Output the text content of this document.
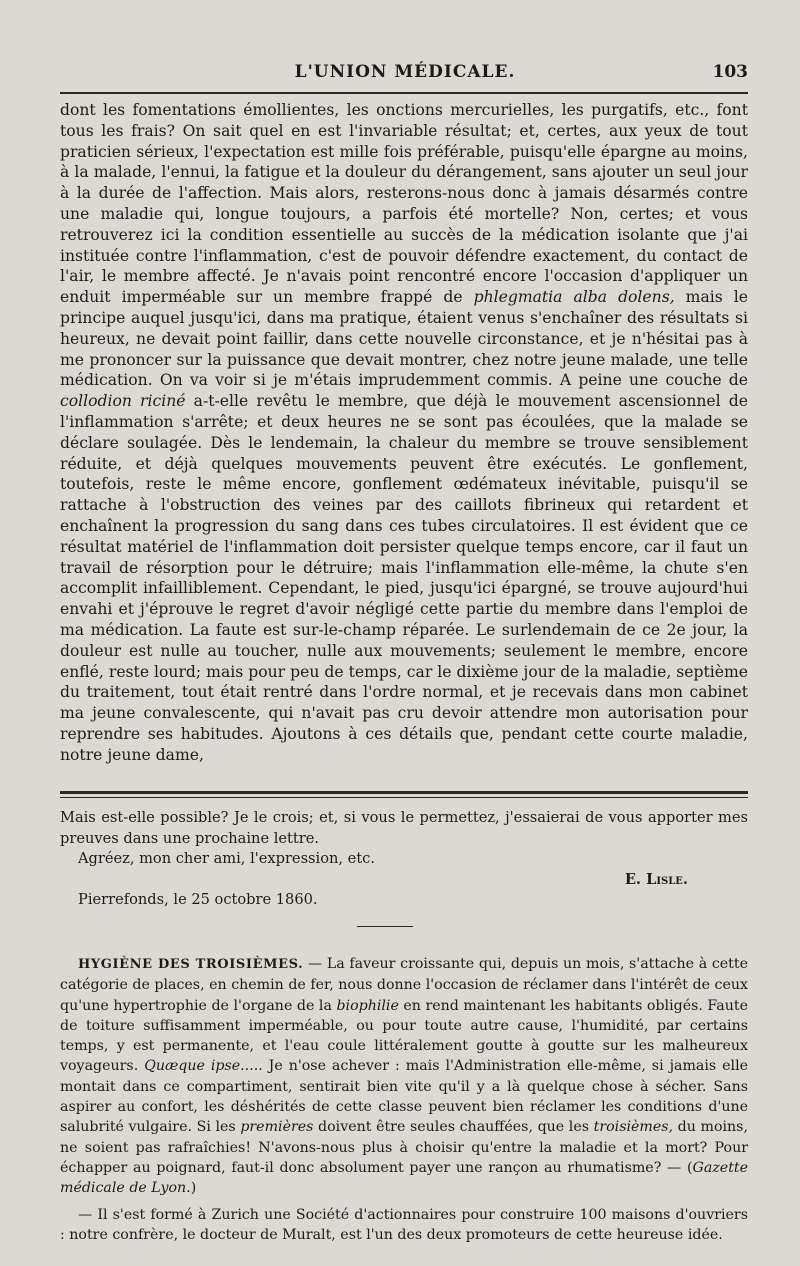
L'UNION MÉDICALE.	103

dont les fomentations émollientes, les onctions mercurielles, les purgatifs, etc., font tous les frais? On sait quel en est l'invariable résultat; et, certes, aux yeux de tout praticien sérieux, l'expectation est mille fois préférable, puisqu'elle épargne au moins, à la malade, l'ennui, la fatigue et la douleur du dérangement, sans ajouter un seul jour à la durée de l'affection. Mais alors, resterons-nous donc à jamais désarmés contre une maladie qui, longue toujours, a parfois été mortelle? Non, certes; et vous retrouverez ici la condition essentielle au succès de la médication isolante que j'ai instituée contre l'inflammation, c'est de pouvoir défendre exactement, du contact de l'air, le membre affecté. Je n'avais point rencontré encore l'occasion d'appliquer un enduit imperméable sur un membre frappé de phlegmatia alba dolens, mais le principe auquel jusqu'ici, dans ma pratique, étaient venus s'enchaîner des résultats si heureux, ne devait point faillir, dans cette nouvelle circonstance, et je n'hésitai pas à me prononcer sur la puissance que devait montrer, chez notre jeune malade, une telle médication. On va voir si je m'étais imprudemment commis. A peine une couche de collodion riciné a-t-elle revêtu le membre, que déjà le mouvement ascensionnel de l'inflammation s'arrête; et deux heures ne se sont pas écoulées, que la malade se déclare soulagée. Dès le lendemain, la chaleur du membre se trouve sensiblement réduite, et déjà quelques mouvements peuvent être exécutés. Le gonflement, toutefois, reste le même encore, gonflement œdémateux inévitable, puisqu'il se rattache à l'obstruction des veines par des caillots fibrineux qui retardent et enchaînent la progression du sang dans ces tubes circulatoires. Il est évident que ce résultat matériel de l'inflammation doit persister quelque temps encore, car il faut un travail de résorption pour le détruire; mais l'inflammation elle-même, la chute s'en accomplit infailliblement. Cependant, le pied, jusqu'ici épargné, se trouve aujourd'hui envahi et j'éprouve le regret d'avoir négligé cette partie du membre dans l'emploi de ma médication. La faute est sur-le-champ réparée. Le surlendemain de ce 2e jour, la douleur est nulle au toucher, nulle aux mouvements; seulement le membre, encore enflé, reste lourd; mais pour peu de temps, car le dixième jour de la maladie, septième du traitement, tout était rentré dans l'ordre normal, et je recevais dans mon cabinet ma jeune convalescente, qui n'avait pas cru devoir attendre mon autorisation pour reprendre ses habitudes. Ajoutons à ces détails que, pendant cette courte maladie, notre jeune dame,

Mais est-elle possible? Je le crois; et, si vous le permettez, j'essaierai de vous apporter mes preuves dans une prochaine lettre.

Agréez, mon cher ami, l'expression, etc.

E. Lisle.
Pierrefonds, le 25 octobre 1860.

HYGIÈNE DES TROISIÈMES. — La faveur croissante qui, depuis un mois, s'attache à cette catégorie de places, en chemin de fer, nous donne l'occasion de réclamer dans l'intérêt de ceux qu'une hypertrophie de l'organe de la biophilie en rend maintenant les habitants obligés. Faute de toiture suffisamment imperméable, ou pour toute autre cause, l'humidité, par certains temps, y est permanente, et l'eau coule littéralement goutte à goutte sur les malheureux voyageurs. Quæque ipse..... Je n'ose achever : mais l'Administration elle-même, si jamais elle montait dans ce compartiment, sentirait bien vite qu'il y a là quelque chose à sécher. Sans aspirer au confort, les déshérités de cette classe peuvent bien réclamer les conditions d'une salubrité vulgaire. Si les premières doivent être seules chauffées, que les troisièmes, du moins, ne soient pas rafraîchies! N'avons-nous plus à choisir qu'entre la maladie et la mort? Pour échapper au poignard, faut-il donc absolument payer une rançon au rhumatisme? — (Gazette médicale de Lyon.)

— Il s'est formé à Zurich une Société d'actionnaires pour construire 100 maisons d'ouvriers : notre confrère, le docteur de Muralt, est l'un des deux promoteurs de cette heureuse idée.
